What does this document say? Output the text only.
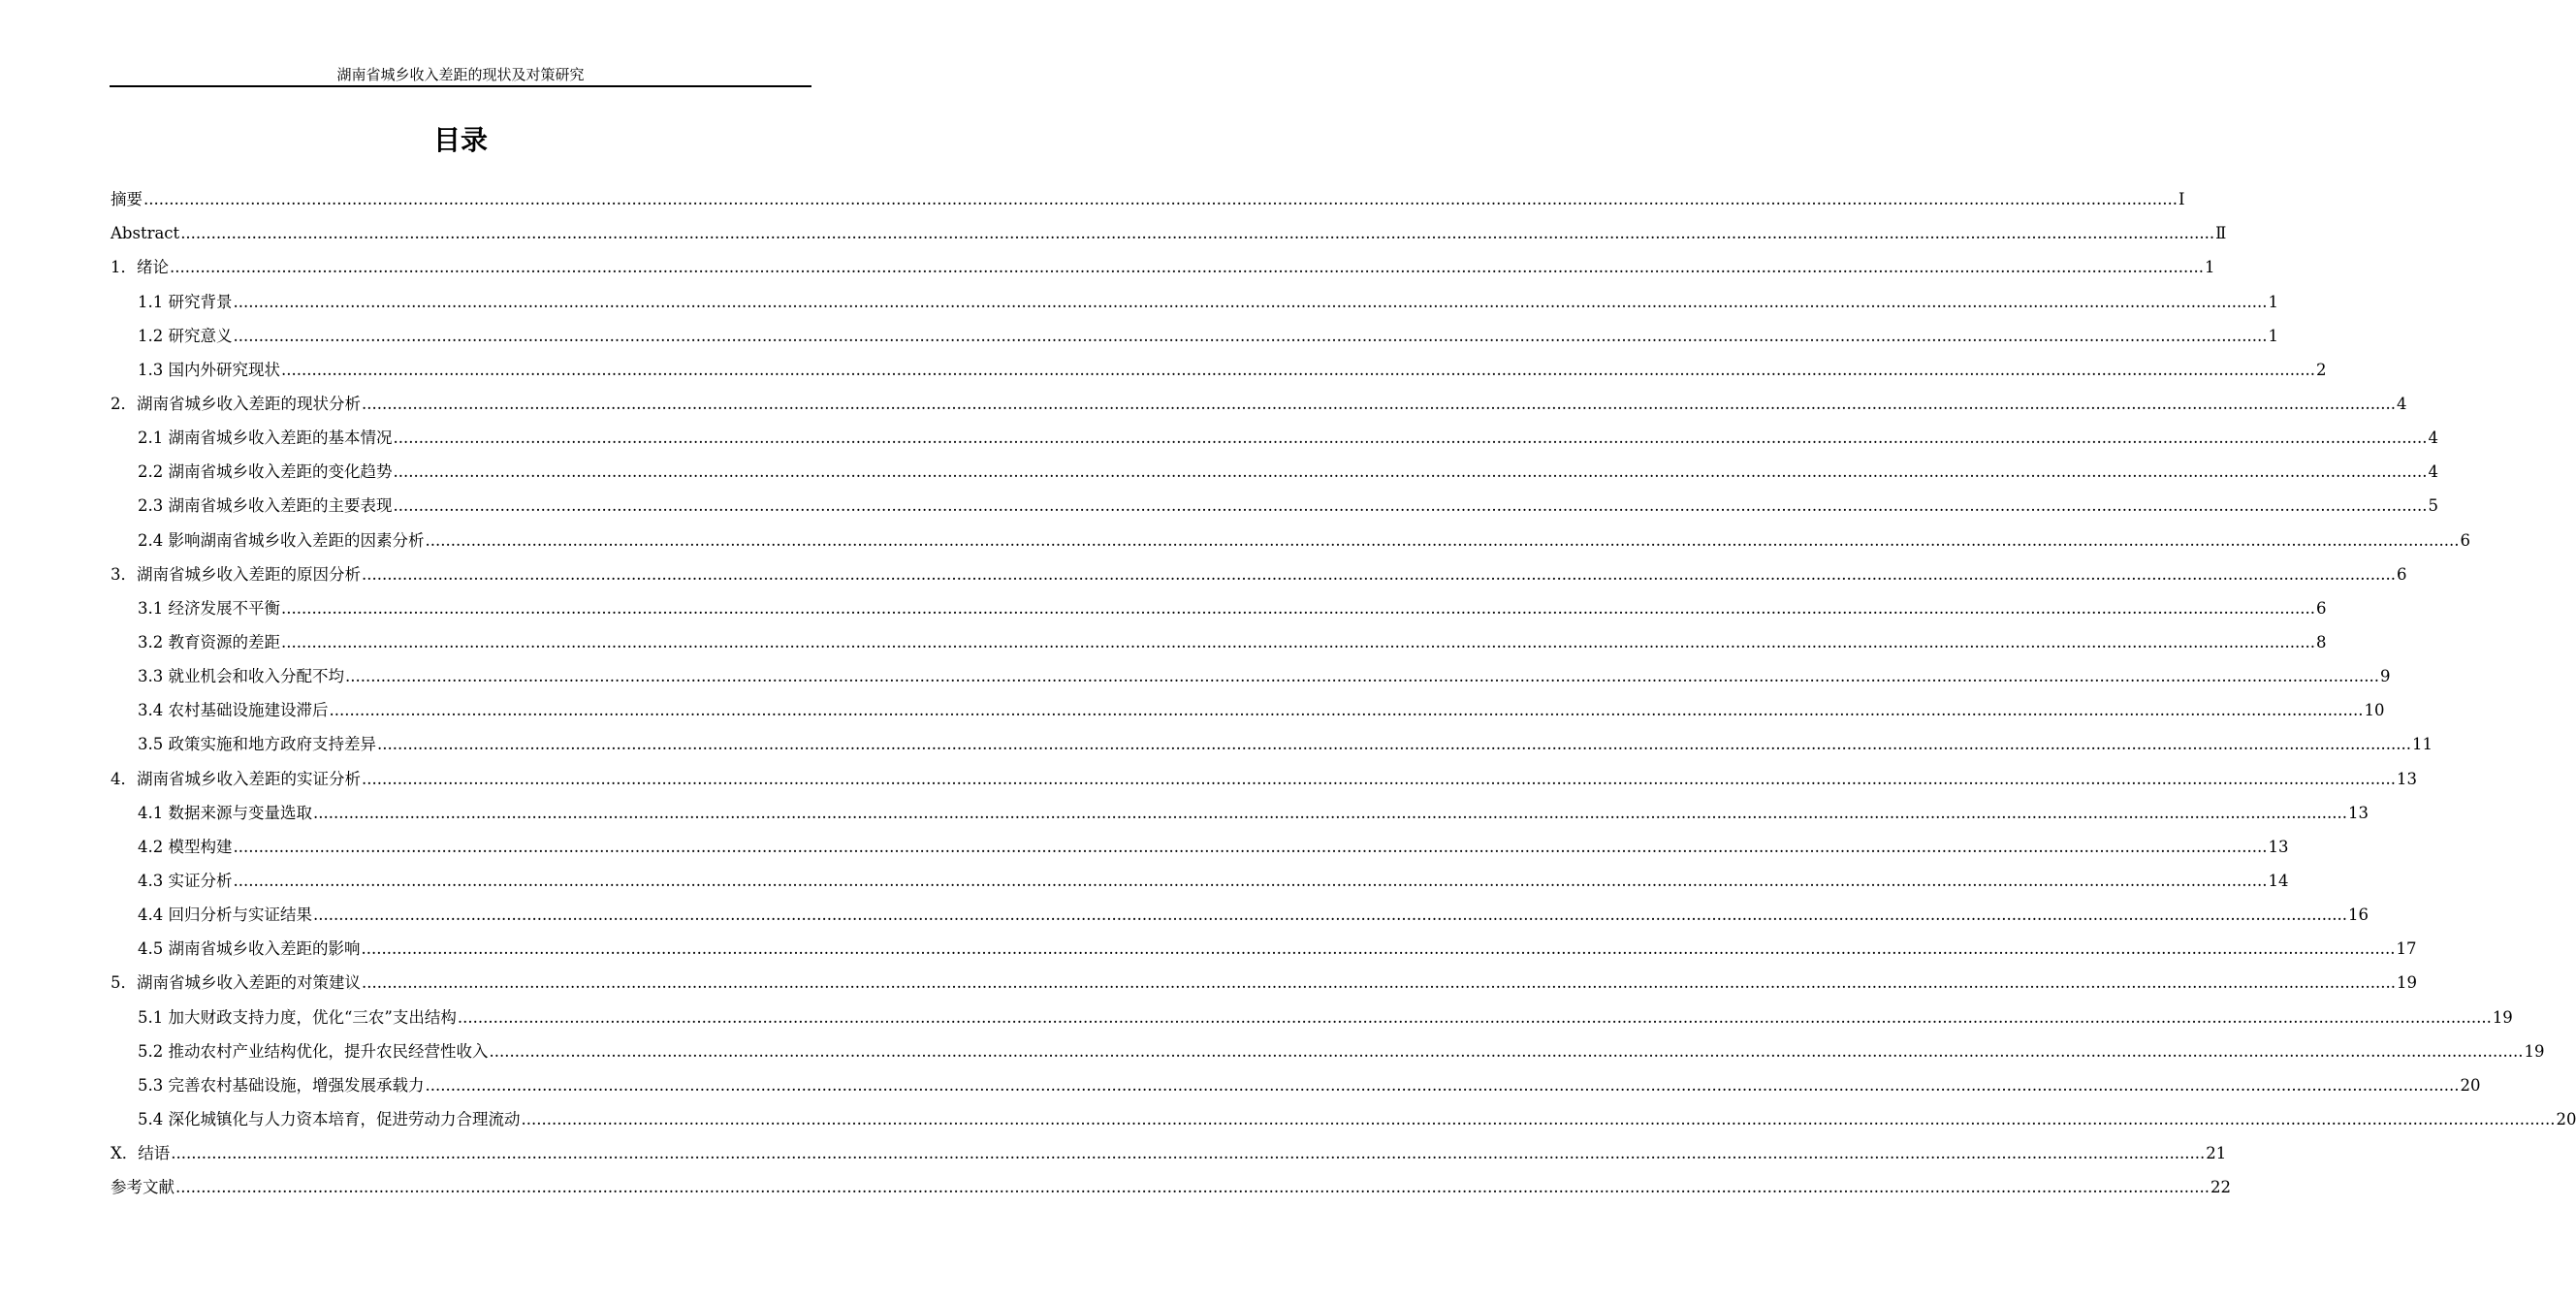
湖南省城乡收入差距的现状及对策研究
目录
摘要 ................................................................................................................................................................................................................................................................................................................................................................................................................ I
Abstract ................................................................................................................................................................................................................................................................................................................................................................................................................ Ⅱ
1．绪论 ................................................................................................................................................................................................................................................................................................................................................................................................................ 1
1.1 研究背景 ................................................................................................................................................................................................................................................................................................................................................................................................................ 1
1.2 研究意义 ................................................................................................................................................................................................................................................................................................................................................................................................................ 1
1.3 国内外研究现状 ................................................................................................................................................................................................................................................................................................................................................................................................................ 2
2．湖南省城乡收入差距的现状分析 ................................................................................................................................................................................................................................................................................................................................................................................................................ 4
2.1 湖南省城乡收入差距的基本情况 ................................................................................................................................................................................................................................................................................................................................................................................................................ 4
2.2 湖南省城乡收入差距的变化趋势 ................................................................................................................................................................................................................................................................................................................................................................................................................ 4
2.3 湖南省城乡收入差距的主要表现 ................................................................................................................................................................................................................................................................................................................................................................................................................ 5
2.4 影响湖南省城乡收入差距的因素分析 ................................................................................................................................................................................................................................................................................................................................................................................................................ 6
3．湖南省城乡收入差距的原因分析 ................................................................................................................................................................................................................................................................................................................................................................................................................ 6
3.1 经济发展不平衡 ................................................................................................................................................................................................................................................................................................................................................................................................................ 6
3.2 教育资源的差距 ................................................................................................................................................................................................................................................................................................................................................................................................................ 8
3.3 就业机会和收入分配不均 ................................................................................................................................................................................................................................................................................................................................................................................................................ 9
3.4 农村基础设施建设滞后 ................................................................................................................................................................................................................................................................................................................................................................................................................ 10
3.5 政策实施和地方政府支持差异 ................................................................................................................................................................................................................................................................................................................................................................................................................ 11
4．湖南省城乡收入差距的实证分析 ................................................................................................................................................................................................................................................................................................................................................................................................................ 13
4.1 数据来源与变量选取 ................................................................................................................................................................................................................................................................................................................................................................................................................ 13
4.2 模型构建 ................................................................................................................................................................................................................................................................................................................................................................................................................ 13
4.3 实证分析 ................................................................................................................................................................................................................................................................................................................................................................................................................ 14
4.4 回归分析与实证结果 ................................................................................................................................................................................................................................................................................................................................................................................................................ 16
4.5 湖南省城乡收入差距的影响 ................................................................................................................................................................................................................................................................................................................................................................................................................ 17
5．湖南省城乡收入差距的对策建议 ................................................................................................................................................................................................................................................................................................................................................................................................................ 19
5.1 加大财政支持力度，优化“三农”支出结构 ................................................................................................................................................................................................................................................................................................................................................................................................................ 19
5.2 推动农村产业结构优化，提升农民经营性收入 ................................................................................................................................................................................................................................................................................................................................................................................................................ 19
5.3 完善农村基础设施，增强发展承载力 ................................................................................................................................................................................................................................................................................................................................................................................................................ 20
5.4 深化城镇化与人力资本培育，促进劳动力合理流动 ................................................................................................................................................................................................................................................................................................................................................................................................................ 20
X．结语 ................................................................................................................................................................................................................................................................................................................................................................................................................ 21
参考文献 ................................................................................................................................................................................................................................................................................................................................................................................................................ 22
